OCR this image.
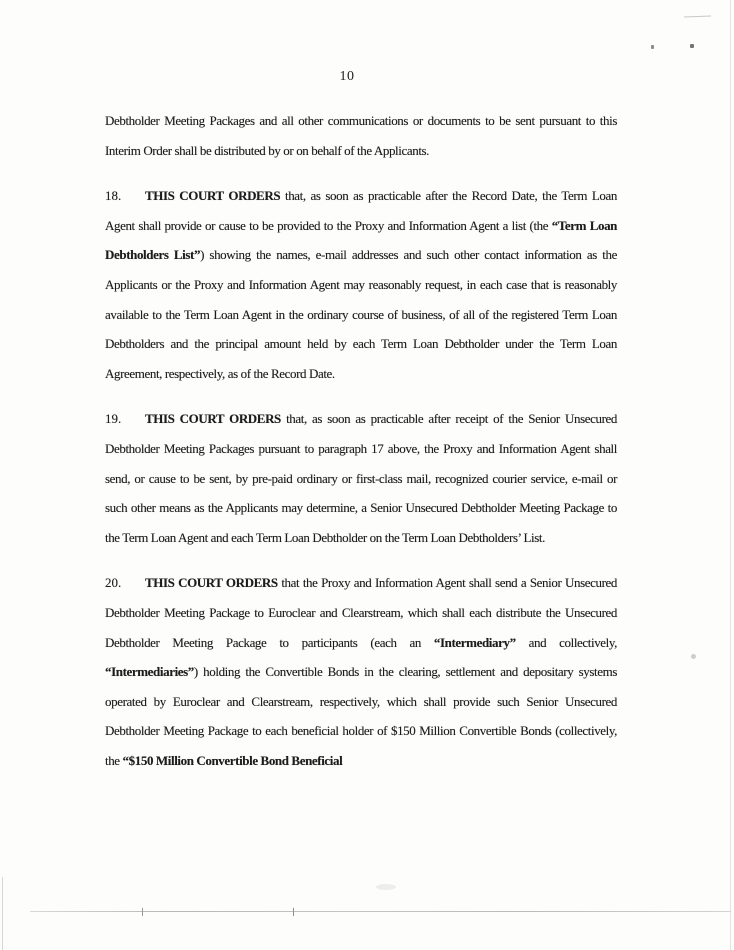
10

Debtholder Meeting Packages and all other communications or documents to be sent pursuant to this Interim Order shall be distributed by or on behalf of the Applicants.

18. THIS COURT ORDERS that, as soon as practicable after the Record Date, the Term Loan Agent shall provide or cause to be provided to the Proxy and Information Agent a list (the “Term Loan Debtholders List”) showing the names, e-mail addresses and such other contact information as the Applicants or the Proxy and Information Agent may reasonably request, in each case that is reasonably available to the Term Loan Agent in the ordinary course of business, of all of the registered Term Loan Debtholders and the principal amount held by each Term Loan Debtholder under the Term Loan Agreement, respectively, as of the Record Date.

19. THIS COURT ORDERS that, as soon as practicable after receipt of the Senior Unsecured Debtholder Meeting Packages pursuant to paragraph 17 above, the Proxy and Information Agent shall send, or cause to be sent, by pre-paid ordinary or first-class mail, recognized courier service, e-mail or such other means as the Applicants may determine, a Senior Unsecured Debtholder Meeting Package to the Term Loan Agent and each Term Loan Debtholder on the Term Loan Debtholders’ List.

20. THIS COURT ORDERS that the Proxy and Information Agent shall send a Senior Unsecured Debtholder Meeting Package to Euroclear and Clearstream, which shall each distribute the Unsecured Debtholder Meeting Package to participants (each an “Intermediary” and collectively, “Intermediaries”) holding the Convertible Bonds in the clearing, settlement and depositary systems operated by Euroclear and Clearstream, respectively, which shall provide such Senior Unsecured Debtholder Meeting Package to each beneficial holder of $150 Million Convertible Bonds (collectively, the “$150 Million Convertible Bond Beneficial
